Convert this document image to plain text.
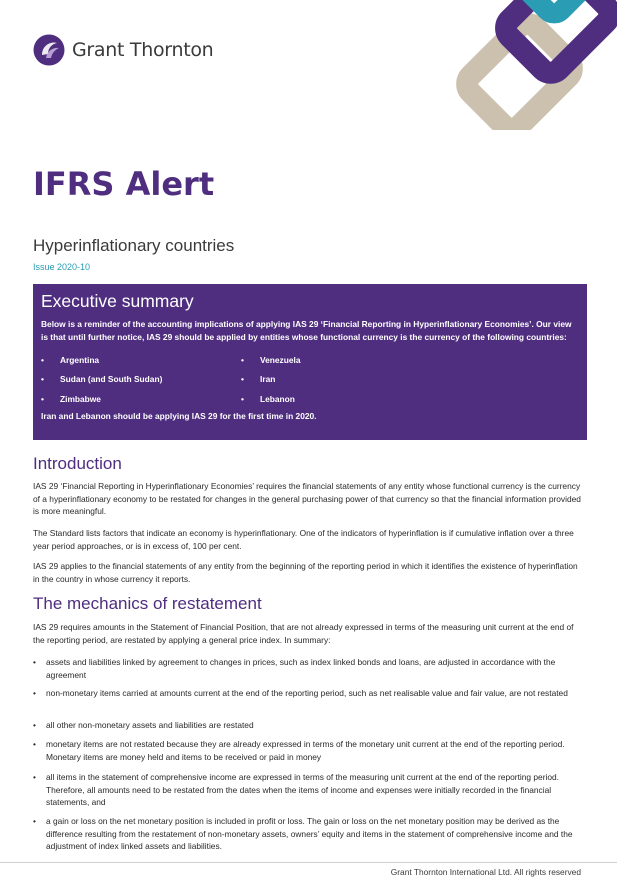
Grant Thornton
IFRS Alert
Hyperinflationary countries
Issue 2020-10
Executive summary

Below is a reminder of the accounting implications of applying IAS 29 ‘Financial Reporting in Hyperinflationary Economies’. Our view is that until further notice, IAS 29 should be applied by entities whose functional currency is the currency of the following countries:

•	Argentina	•	Venezuela
•	Sudan (and South Sudan)	•	Iran
•	Zimbabwe	•	Lebanon

Iran and Lebanon should be applying IAS 29 for the first time in 2020.

Introduction

IAS 29 ‘Financial Reporting in Hyperinflationary Economies’ requires the financial statements of any entity whose functional currency is the currency of a hyperinflationary economy to be restated for changes in the general purchasing power of that currency so that the financial information provided is more meaningful.

The Standard lists factors that indicate an economy is hyperinflationary. One of the indicators of hyperinflation is if cumulative inflation over a three year period approaches, or is in excess of, 100 per cent.

IAS 29 applies to the financial statements of any entity from the beginning of the reporting period in which it identifies the existence of hyperinflation in the country in whose currency it reports.

The mechanics of restatement

IAS 29 requires amounts in the Statement of Financial Position, that are not already expressed in terms of the measuring unit current at the end of the reporting period, are restated by applying a general price index. In summary:

•	assets and liabilities linked by agreement to changes in prices, such as index linked bonds and loans, are adjusted in accordance with the agreement
•	non-monetary items carried at amounts current at the end of the reporting period, such as net realisable value and fair value, are not restated
•	all other non-monetary assets and liabilities are restated
•	monetary items are not restated because they are already expressed in terms of the monetary unit current at the end of the reporting period. Monetary items are money held and items to be received or paid in money
•	all items in the statement of comprehensive income are expressed in terms of the measuring unit current at the end of the reporting period. Therefore, all amounts need to be restated from the dates when the items of income and expenses were initially recorded in the financial statements, and
•	a gain or loss on the net monetary position is included in profit or loss. The gain or loss on the net monetary position may be derived as the difference resulting from the restatement of non-monetary assets, owners’ equity and items in the statement of comprehensive income and the adjustment of index linked assets and liabilities.
Grant Thornton International Ltd. All rights reserved
